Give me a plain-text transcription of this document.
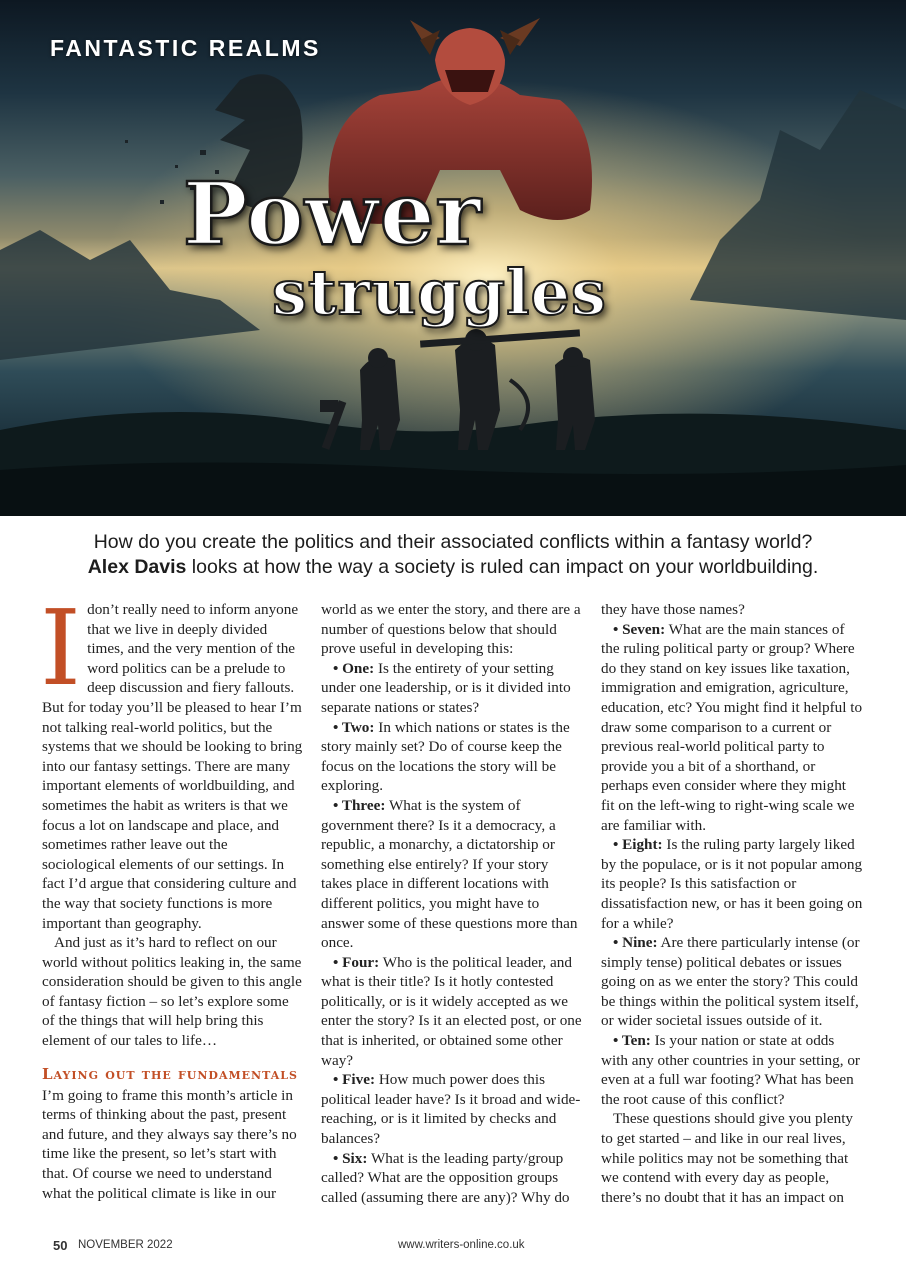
FANTASTIC REALMS
Power
struggles
How do you create the politics and their associated conflicts within a fantasy world?
Alex Davis looks at how the way a society is ruled can impact on your worldbuilding.

Idon’t really need to inform anyone that we live in deeply divided times, and the very mention of the word politics can be a prelude to deep discussion and fiery fallouts. But for today you’ll be pleased to hear I’m not talking real-world politics, but the systems that we should be looking to bring into our fantasy settings. There are many important elements of worldbuilding, and sometimes the habit as writers is that we focus a lot on landscape and place, and sometimes rather leave out the sociological elements of our settings. In fact I’d argue that considering culture and the way that society functions is more important than geography.

And just as it’s hard to reflect on our world without politics leaking in, the same consideration should be given to this angle of fantasy fiction – so let’s explore some of the things that will help bring this element of our tales to life…

Laying out the fundamentals

I’m going to frame this month’s article in terms of thinking about the past, present and future, and they always say there’s no time like the present, so let’s start with that. Of course we need to understand what the political climate is like in our

world as we enter the story, and there are a number of questions below that should prove useful in developing this:

• One: Is the entirety of your setting under one leadership, or is it divided into separate nations or states?

• Two: In which nations or states is the story mainly set? Do of course keep the focus on the locations the story will be exploring.

• Three: What is the system of government there? Is it a democracy, a republic, a monarchy, a dictatorship or something else entirely? If your story takes place in different locations with different politics, you might have to answer some of these questions more than once.

• Four: Who is the political leader, and what is their title? Is it hotly contested politically, or is it widely accepted as we enter the story? Is it an elected post, or one that is inherited, or obtained some other way?

• Five: How much power does this political leader have? Is it broad and wide-reaching, or is it limited by checks and balances?

• Six: What is the leading party/group called? What are the opposition groups called (assuming there are any)? Why do

they have those names?

• Seven: What are the main stances of the ruling political party or group? Where do they stand on key issues like taxation, immigration and emigration, agriculture, education, etc? You might find it helpful to draw some comparison to a current or previous real-world political party to provide you a bit of a shorthand, or perhaps even consider where they might fit on the left-wing to right-wing scale we are familiar with.

• Eight: Is the ruling party largely liked by the populace, or is it not popular among its people? Is this satisfaction or dissatisfaction new, or has it been going on for a while?

• Nine: Are there particularly intense (or simply tense) political debates or issues going on as we enter the story? This could be things within the political system itself, or wider societal issues outside of it.

• Ten: Is your nation or state at odds with any other countries in your setting, or even at a full war footing? What has been the root cause of this conflict?

These questions should give you plenty to get started – and like in our real lives, while politics may not be something that we contend with every day as people, there’s no doubt that it has an impact on

50 NOVEMBER 2022	www.writers-online.co.uk
